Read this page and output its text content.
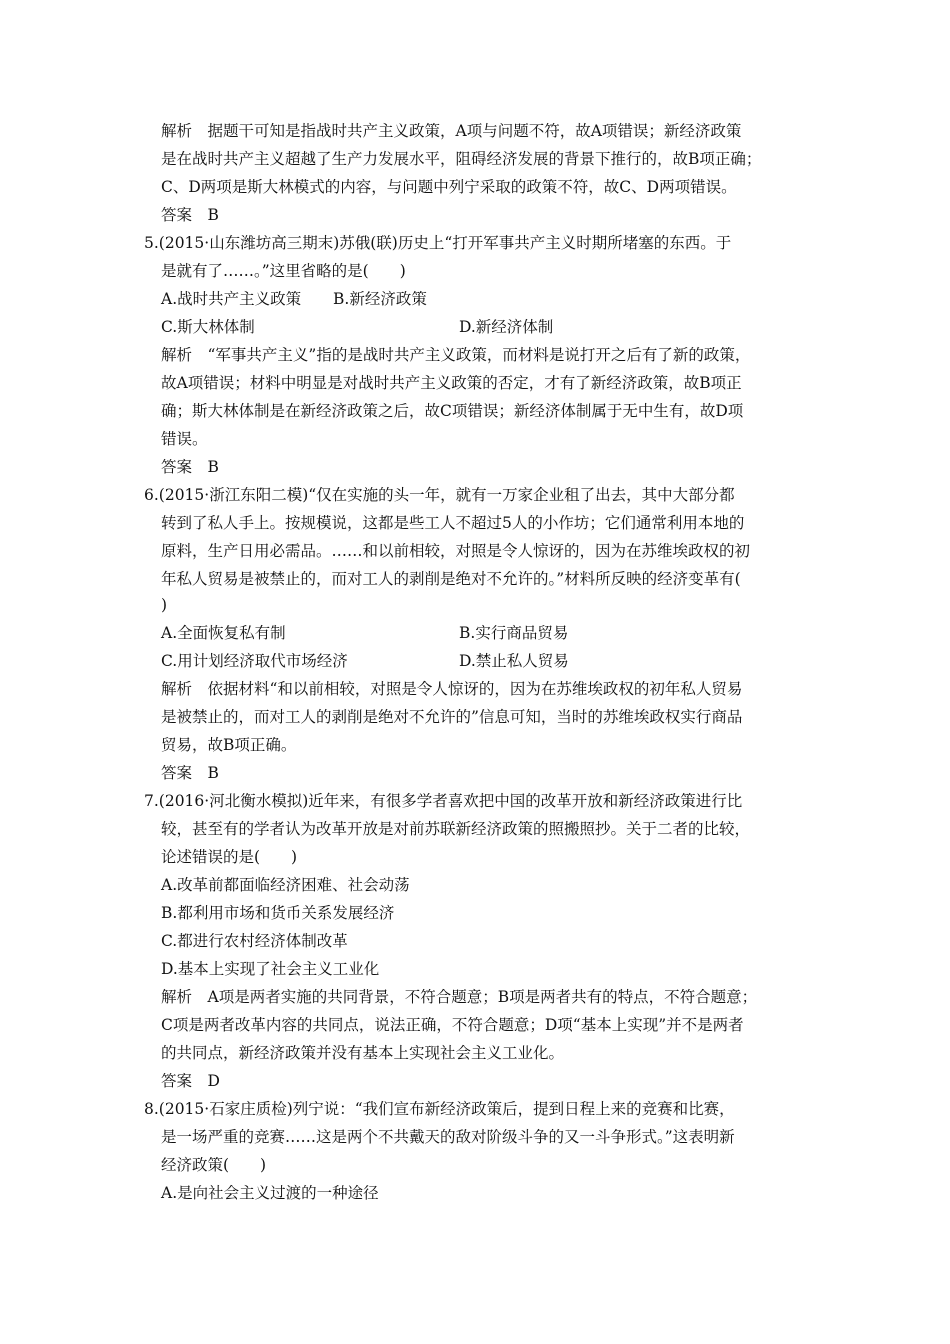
解析　据题干可知是指战时共产主义政策，A项与问题不符，故A项错误；新经济政策
是在战时共产主义超越了生产力发展水平，阻碍经济发展的背景下推行的，故B项正确；
C、D两项是斯大林模式的内容，与问题中列宁采取的政策不符，故C、D两项错误。
答案　B
5.(2015·山东潍坊高三期末)苏俄(联)历史上“打开军事共产主义时期所堵塞的东西。于
是就有了……。”这里省略的是(　　)
A.战时共产主义政策 B.新经济政策
C.斯大林体制	D.新经济体制
解析　“军事共产主义”指的是战时共产主义政策，而材料是说打开之后有了新的政策，
故A项错误；材料中明显是对战时共产主义政策的否定，才有了新经济政策，故B项正
确；斯大林体制是在新经济政策之后，故C项错误；新经济体制属于无中生有，故D项
错误。
答案　B
6.(2015·浙江东阳二模)“仅在实施的头一年，就有一万家企业租了出去，其中大部分都
转到了私人手上。按规模说，这都是些工人不超过5人的小作坊；它们通常利用本地的
原料，生产日用必需品。……和以前相较，对照是令人惊讶的，因为在苏维埃政权的初
年私人贸易是被禁止的，而对工人的剥削是绝对不允许的。”材料所反映的经济变革有(
)
A.全面恢复私有制	B.实行商品贸易
C.用计划经济取代市场经济	D.禁止私人贸易
解析　依据材料“和以前相较，对照是令人惊讶的，因为在苏维埃政权的初年私人贸易
是被禁止的，而对工人的剥削是绝对不允许的”信息可知，当时的苏维埃政权实行商品
贸易，故B项正确。
答案　B
7.(2016·河北衡水模拟)近年来，有很多学者喜欢把中国的改革开放和新经济政策进行比
较，甚至有的学者认为改革开放是对前苏联新经济政策的照搬照抄。关于二者的比较，
论述错误的是(　　)
A.改革前都面临经济困难、社会动荡
B.都利用市场和货币关系发展经济
C.都进行农村经济体制改革
D.基本上实现了社会主义工业化
解析　A项是两者实施的共同背景，不符合题意；B项是两者共有的特点，不符合题意；
C项是两者改革内容的共同点，说法正确，不符合题意；D项“基本上实现”并不是两者
的共同点，新经济政策并没有基本上实现社会主义工业化。
答案　D
8.(2015·石家庄质检)列宁说：“我们宣布新经济政策后，提到日程上来的竞赛和比赛，
是一场严重的竞赛……这是两个不共戴天的敌对阶级斗争的又一斗争形式。”这表明新
经济政策(　　)
A.是向社会主义过渡的一种途径
